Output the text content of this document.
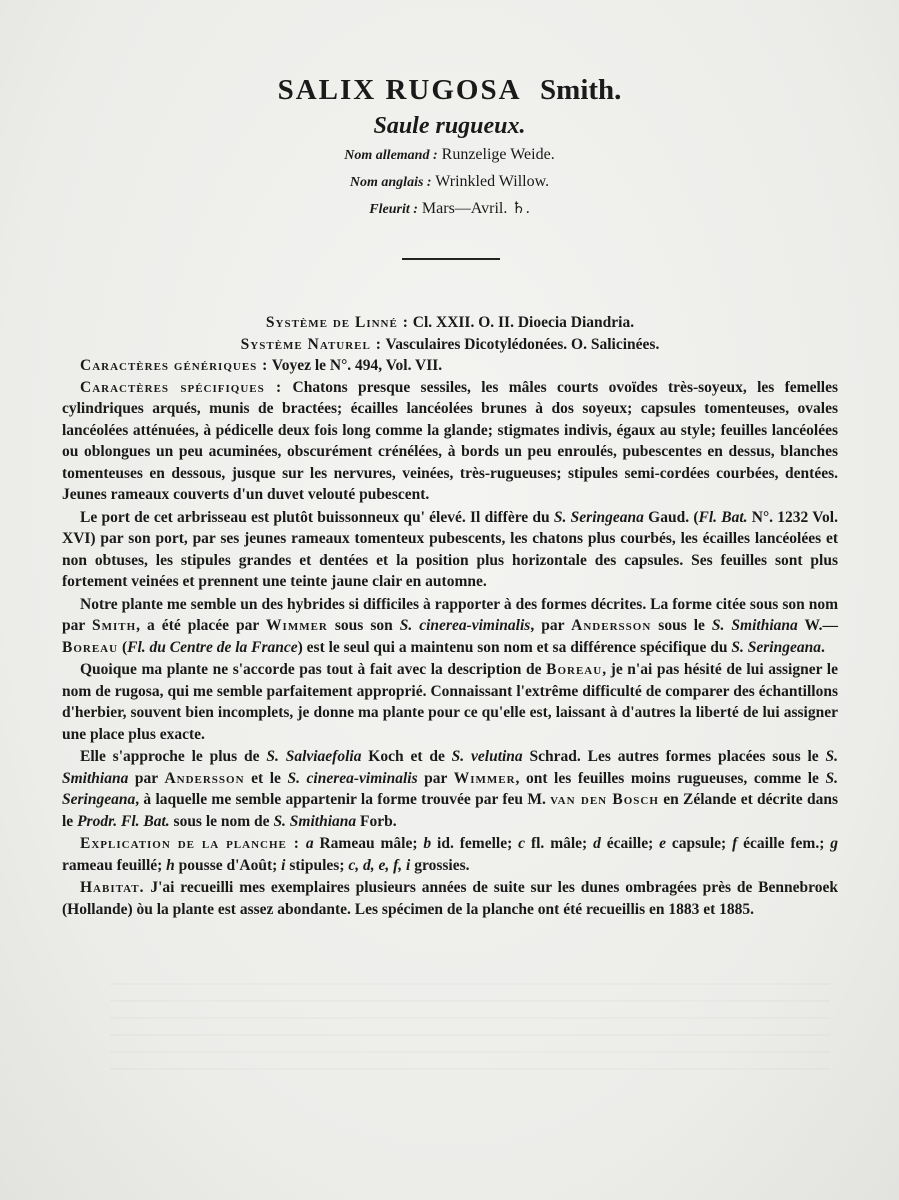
SALIX RUGOSA Smith.

Saule rugueux.

Nom allemand : Runzelige Weide.

Nom anglais : Wrinkled Willow.

Fleurit : Mars—Avril. ♄.

Système de Linné : Cl. XXII. O. II. Dioecia Diandria.

Système Naturel : Vasculaires Dicotylédonées. O. Salicinées.

Caractères génériques : Voyez le N°. 494, Vol. VII.

Caractères spécifiques : Chatons presque sessiles, les mâles courts ovoïdes très-soyeux, les femelles cylindriques arqués, munis de bractées; écailles lancéolées brunes à dos soyeux; capsules tomenteuses, ovales lancéolées atténuées, à pédicelle deux fois long comme la glande; stigmates indivis, égaux au style; feuilles lancéolées ou oblongues un peu acuminées, obscurément crénélées, à bords un peu enroulés, pubescentes en dessus, blanches tomenteuses en dessous, jusque sur les nervures, veinées, très-rugueuses; stipules semi-cordées courbées, dentées. Jeunes rameaux couverts d'un duvet velouté pubescent.

Le port de cet arbrisseau est plutôt buissonneux qu' élevé. Il diffère du S. Seringeana Gaud. (Fl. Bat. N°. 1232 Vol. XVI) par son port, par ses jeunes rameaux tomenteux pubescents, les chatons plus courbés, les écailles lancéolées et non obtuses, les stipules grandes et dentées et la position plus horizontale des capsules. Ses feuilles sont plus fortement veinées et prennent une teinte jaune clair en automne.

Notre plante me semble un des hybrides si difficiles à rapporter à des formes décrites. La forme citée sous son nom par Smith, a été placée par Wimmer sous son S. cinerea-viminalis, par Andersson sous le S. Smithiana W.—Boreau (Fl. du Centre de la France) est le seul qui a maintenu son nom et sa différence spécifique du S. Seringeana.

Quoique ma plante ne s'accorde pas tout à fait avec la description de Boreau, je n'ai pas hésité de lui assigner le nom de rugosa, qui me semble parfaitement approprié. Connaissant l'extrême difficulté de comparer des échantillons d'herbier, souvent bien incomplets, je donne ma plante pour ce qu'elle est, laissant à d'autres la liberté de lui assigner une place plus exacte.

Elle s'approche le plus de S. Salviaefolia Koch et de S. velutina Schrad. Les autres formes placées sous le S. Smithiana par Andersson et le S. cinerea-viminalis par Wimmer, ont les feuilles moins rugueuses, comme le S. Seringeana, à laquelle me semble appartenir la forme trouvée par feu M. van den Bosch en Zélande et décrite dans le Prodr. Fl. Bat. sous le nom de S. Smithiana Forb.

Explication de la planche : a Rameau mâle; b id. femelle; c fl. mâle; d écaille; e capsule; f écaille fem.; g rameau feuillé; h pousse d'Août; i stipules; c, d, e, f, i grossies.

Habitat. J'ai recueilli mes exemplaires plusieurs années de suite sur les dunes ombragées près de Bennebroek (Hollande) òu la plante est assez abondante. Les spécimen de la planche ont été recueillis en 1883 et 1885.
